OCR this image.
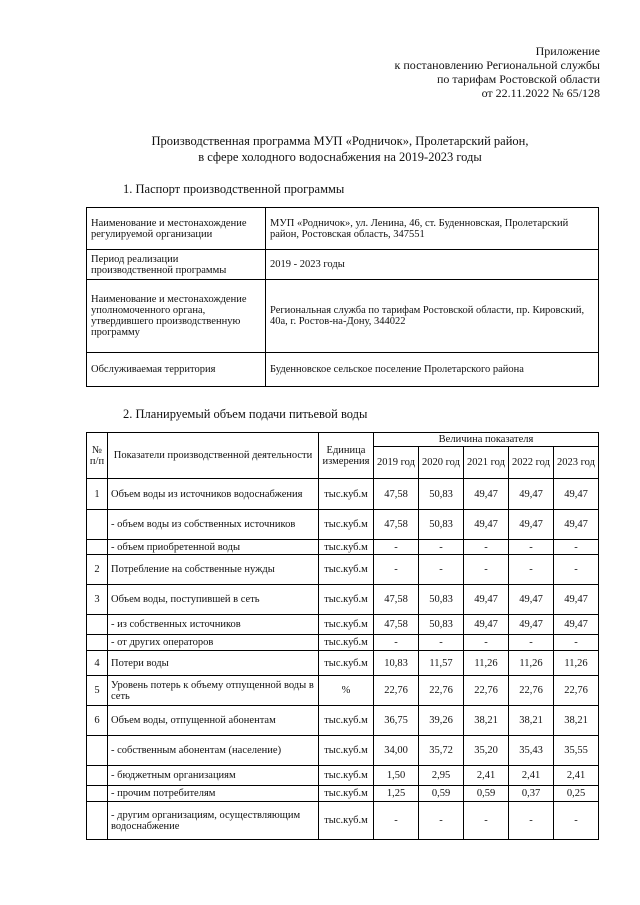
Приложение
к постановлению Региональной службы
по тарифам Ростовской области
от 22.11.2022 № 65/128
Производственная программа МУП «Родничок», Пролетарский район,
в сфере холодного водоснабжения на 2019-2023 годы
1. Паспорт производственной программы
Наименование и местонахождение регулируемой организации	МУП «Родничок», ул. Ленина, 46, ст. Буденновская, Пролетарский район, Ростовская область, 347551
Период реализации производственной программы	2019 - 2023 годы
Наименование и местонахождение уполномоченного органа, утвердившего производственную программу	Региональная служба по тарифам Ростовской области, пр. Кировский, 40а, г. Ростов-на-Дону, 344022
Обслуживаемая территория	Буденновское сельское поселение Пролетарского района
2. Планируемый объем подачи питьевой воды
№ п/п	Показатели производственной деятельности	Единица измерения	Величина показателя				
			2019 год	2020 год	2021 год	2022 год	2023 год
1	Объем воды из источников водоснабжения	тыс.куб.м	47,58	50,83	49,47	49,47	49,47
	- объем воды из собственных источников	тыс.куб.м	47,58	50,83	49,47	49,47	49,47
	- объем приобретенной воды	тыс.куб.м	-	-	-	-	-
2	Потребление на собственные нужды	тыс.куб.м	-	-	-	-	-
3	Объем воды, поступившей в сеть	тыс.куб.м	47,58	50,83	49,47	49,47	49,47
	- из собственных источников	тыс.куб.м	47,58	50,83	49,47	49,47	49,47
	- от других операторов	тыс.куб.м	-	-	-	-	-
4	Потери воды	тыс.куб.м	10,83	11,57	11,26	11,26	11,26
5	Уровень потерь к объему отпущенной воды в сеть	%	22,76	22,76	22,76	22,76	22,76
6	Объем воды, отпущенной абонентам	тыс.куб.м	36,75	39,26	38,21	38,21	38,21
	- собственным абонентам (население)	тыс.куб.м	34,00	35,72	35,20	35,43	35,55
	- бюджетным организациям	тыс.куб.м	1,50	2,95	2,41	2,41	2,41
	- прочим потребителям	тыс.куб.м	1,25	0,59	0,59	0,37	0,25
	- другим организациям, осуществляющим водоснабжение	тыс.куб.м	-	-	-	-	-
